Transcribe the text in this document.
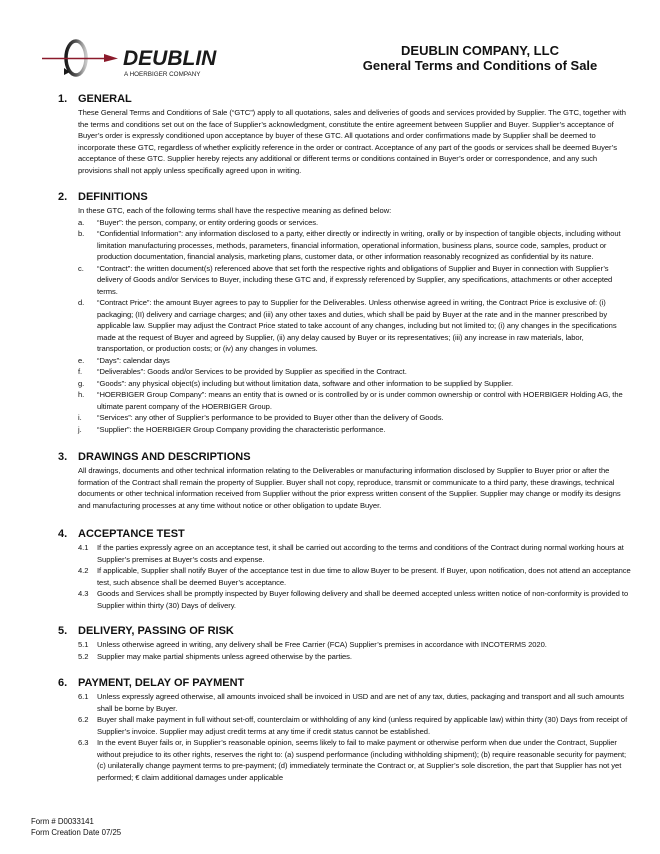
DEUBLIN
A HOERBIGER COMPANY
DEUBLIN COMPANY, LLC
General Terms and Conditions of Sale
1. GENERAL
These General Terms and Conditions of Sale (“GTC”) apply to all quotations, sales and deliveries of goods and services provided by Supplier. The GTC, together with the terms and conditions set out on the face of Supplier’s acknowledgment, constitute the entire agreement between Supplier and Buyer. Supplier’s acceptance of Buyer’s order is expressly conditioned upon acceptance by buyer of these GTC. All quotations and order confirmations made by Supplier shall be deemed to incorporate these GTC, regardless of whether explicitly reference in the order or contract. Acceptance of any part of the goods or services shall be deemed Buyer’s acceptance of these GTC. Supplier hereby rejects any additional or different terms or conditions contained in Buyer’s order or correspondence, and any such provisions shall not apply unless specifically agreed upon in writing.
2. DEFINITIONS
In these GTC, each of the following terms shall have the respective meaning as defined below:
a.	“Buyer”: the person, company, or entity ordering goods or services.
b.	“Confidential Information”: any information disclosed to a party, either directly or indirectly in writing, orally or by inspection of tangible objects, including without limitation manufacturing processes, methods, parameters, financial information, operational information, business plans, source code, samples, product or production documentation, financial analysis, marketing plans, customer data, or other information reasonably recognized as confidential by its nature.
c.	“Contract”: the written document(s) referenced above that set forth the respective rights and obligations of Supplier and Buyer in connection with Supplier’s delivery of Goods and/or Services to Buyer, including these GTC and, if expressly referenced by Supplier, any specifications, attachments or other accepted terms.
d.	“Contract Price”: the amount Buyer agrees to pay to Supplier for the Deliverables. Unless otherwise agreed in writing, the Contract Price is exclusive of: (i) packaging; (II) delivery and carriage charges; and (iii) any other taxes and duties, which shall be paid by Buyer at the rate and in the manner prescribed by applicable law. Supplier may adjust the Contract Price stated to take account of any changes, including but not limited to; (i) any changes in the specifications made at the request of Buyer and agreed by Supplier, (ii) any delay caused by Buyer or its representatives; (iii) any increase in raw materials, labor, transportation, or production costs; or (iv) any changes in volumes.
e.	“Days”: calendar days
f.	“Deliverables”: Goods and/or Services to be provided by Supplier as specified in the Contract.
g.	“Goods”: any physical object(s) including but without limitation data, software and other information to be supplied by Supplier.
h.	“HOERBIGER Group Company”: means an entity that is owned or is controlled by or is under common ownership or control with HOERBIGER Holding AG, the ultimate parent company of the HOERBIGER Group.
i.	“Services”: any other of Supplier’s performance to be provided to Buyer other than the delivery of Goods.
j.	“Supplier”: the HOERBIGER Group Company providing the characteristic performance.
3. DRAWINGS AND DESCRIPTIONS
All drawings, documents and other technical information relating to the Deliverables or manufacturing information disclosed by Supplier to Buyer prior or after the formation of the Contract shall remain the property of Supplier. Buyer shall not copy, reproduce, transmit or communicate to a third party, these drawings, technical documents or other technical information received from Supplier without the prior express written consent of the Supplier. Supplier may change or modify its designs and manufacturing processes at any time without notice or other obligation to update Buyer.
4. ACCEPTANCE TEST
4.1	If the parties expressly agree on an acceptance test, it shall be carried out according to the terms and conditions of the Contract during normal working hours at Supplier’s premises at Buyer’s costs and expense.
4.2	If applicable, Supplier shall notify Buyer of the acceptance test in due time to allow Buyer to be present. If Buyer, upon notification, does not attend an acceptance test, such absence shall be deemed Buyer’s acceptance.
4.3	Goods and Services shall be promptly inspected by Buyer following delivery and shall be deemed accepted unless written notice of non-conformity is provided to Supplier within thirty (30) Days of delivery.
5. DELIVERY, PASSING OF RISK
5.1	Unless otherwise agreed in writing, any delivery shall be Free Carrier (FCA) Supplier’s premises in accordance with INCOTERMS 2020.
5.2	Supplier may make partial shipments unless agreed otherwise by the parties.
6. PAYMENT, DELAY OF PAYMENT
6.1	Unless expressly agreed otherwise, all amounts invoiced shall be invoiced in USD and are net of any tax, duties, packaging and transport and all such amounts shall be borne by Buyer.
6.2	Buyer shall make payment in full without set-off, counterclaim or withholding of any kind (unless required by applicable law) within thirty (30) Days from receipt of Supplier’s invoice. Supplier may adjust credit terms at any time if credit status cannot be established.
6.3	In the event Buyer fails or, in Supplier’s reasonable opinion, seems likely to fail to make payment or otherwise perform when due under the Contract, Supplier without prejudice to its other rights, reserves the right to: (a) suspend performance (including withholding shipment); (b) require reasonable security for payment; (c) unilaterally change payment terms to pre-payment; (d) immediately terminate the Contract or, at Supplier’s sole discretion, the part that Supplier has not yet performed; € claim additional damages under applicable
Form # D0033141
Form Creation Date 07/25
